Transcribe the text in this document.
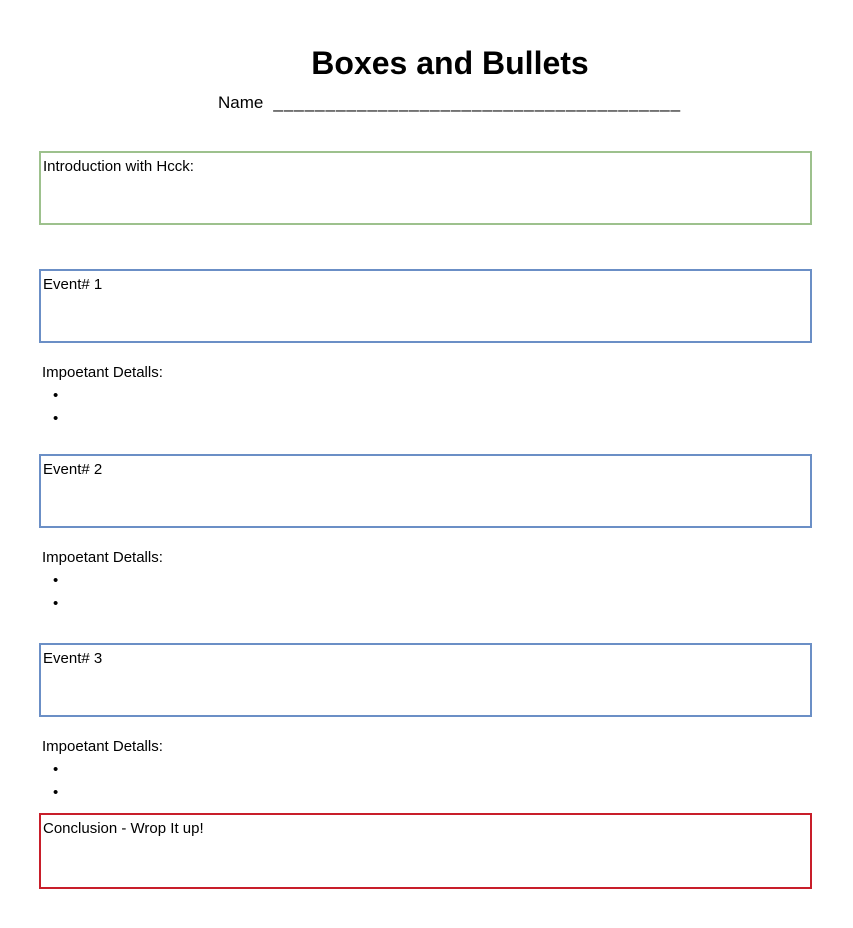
Boxes and Bullets
Name _______________________________________
Introduction with Hcck:
Event# 1
Impoetant Detalls:
•
•
Event# 2
Impoetant Detalls:
•
•
Event# 3
Impoetant Detalls:
•
•
Conclusion - Wrop It up!
